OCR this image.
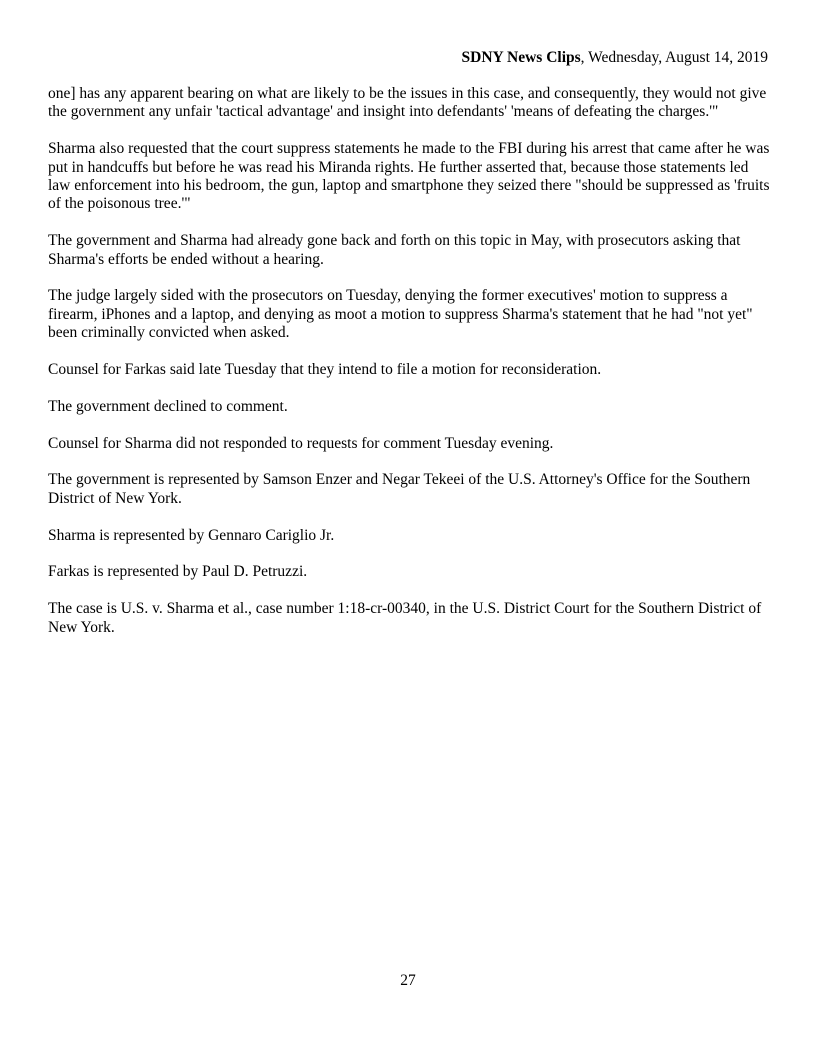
SDNY News Clips, Wednesday, August 14, 2019

one] has any apparent bearing on what are likely to be the issues in this case, and consequently, they would not give the government any unfair 'tactical advantage' and insight into defendants' 'means of defeating the charges.'"

Sharma also requested that the court suppress statements he made to the FBI during his arrest that came after he was put in handcuffs but before he was read his Miranda rights. He further asserted that, because those statements led law enforcement into his bedroom, the gun, laptop and smartphone they seized there "should be suppressed as 'fruits of the poisonous tree.'"

The government and Sharma had already gone back and forth on this topic in May, with prosecutors asking that Sharma's efforts be ended without a hearing.

The judge largely sided with the prosecutors on Tuesday, denying the former executives' motion to suppress a firearm, iPhones and a laptop, and denying as moot a motion to suppress Sharma's statement that he had "not yet" been criminally convicted when asked.

Counsel for Farkas said late Tuesday that they intend to file a motion for reconsideration.

The government declined to comment.

Counsel for Sharma did not responded to requests for comment Tuesday evening.

The government is represented by Samson Enzer and Negar Tekeei of the U.S. Attorney's Office for the Southern District of New York.

Sharma is represented by Gennaro Cariglio Jr.

Farkas is represented by Paul D. Petruzzi.

The case is U.S. v. Sharma et al., case number 1:18-cr-00340, in the U.S. District Court for the Southern District of New York.

27
